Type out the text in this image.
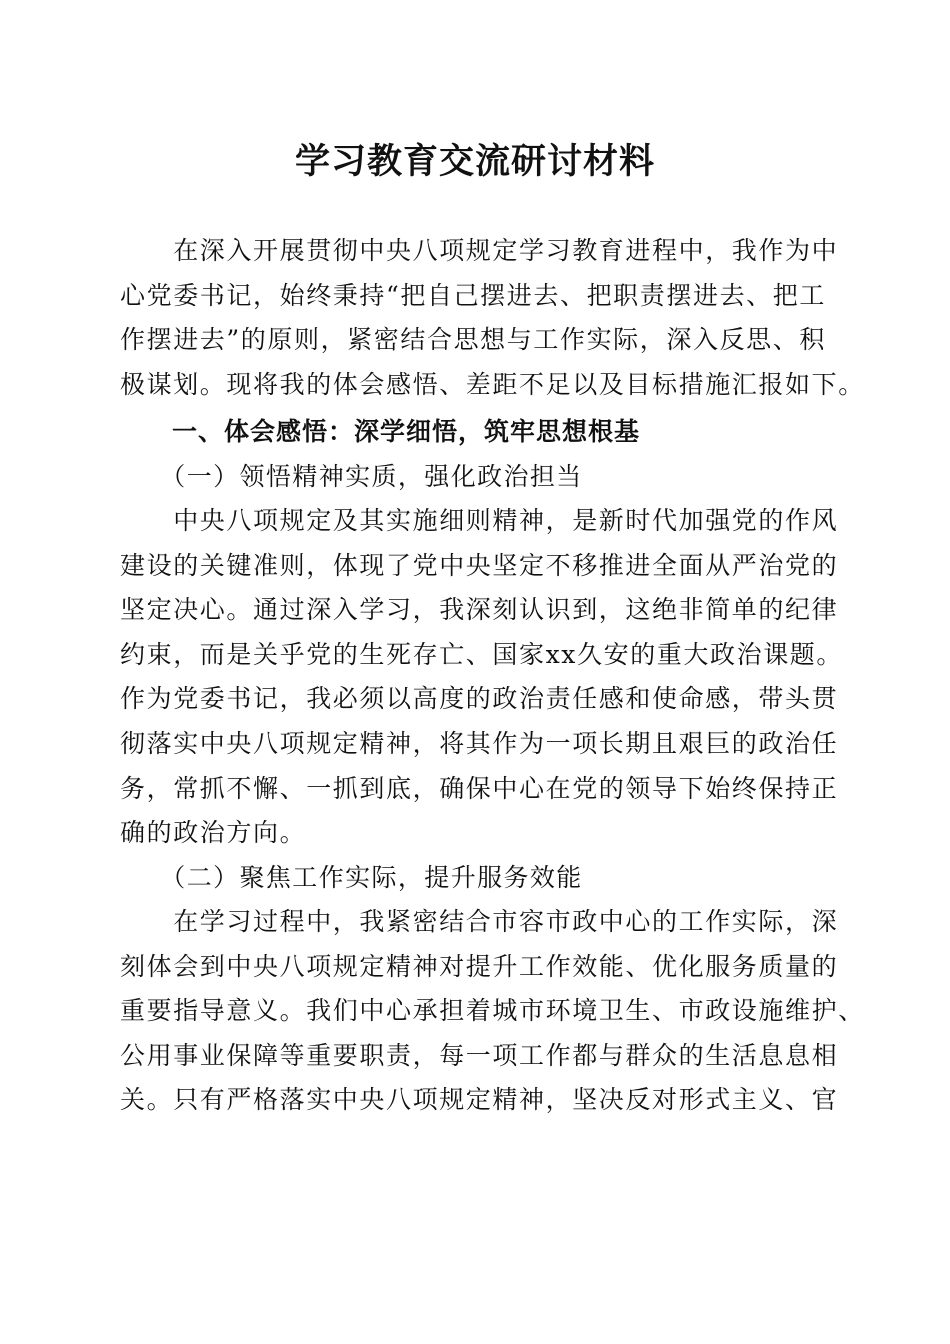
学习教育交流研讨材料
　　在深入开展贯彻中央八项规定学习教育进程中，我作为中
心党委书记，始终秉持“把自己摆进去、把职责摆进去、把工
作摆进去”的原则，紧密结合思想与工作实际，深入反思、积
极谋划。现将我的体会感悟、差距不足以及目标措施汇报如下。
　　一、体会感悟：深学细悟，筑牢思想根基
　　（一）领悟精神实质，强化政治担当
　　中央八项规定及其实施细则精神，是新时代加强党的作风
建设的关键准则，体现了党中央坚定不移推进全面从严治党的
坚定决心。通过深入学习，我深刻认识到，这绝非简单的纪律
约束，而是关乎党的生死存亡、国家xx久安的重大政治课题。
作为党委书记，我必须以高度的政治责任感和使命感，带头贯
彻落实中央八项规定精神，将其作为一项长期且艰巨的政治任
务，常抓不懈、一抓到底，确保中心在党的领导下始终保持正
确的政治方向。
　　（二）聚焦工作实际，提升服务效能
　　在学习过程中，我紧密结合市容市政中心的工作实际，深
刻体会到中央八项规定精神对提升工作效能、优化服务质量的
重要指导意义。我们中心承担着城市环境卫生、市政设施维护、
公用事业保障等重要职责，每一项工作都与群众的生活息息相
关。只有严格落实中央八项规定精神，坚决反对形式主义、官
